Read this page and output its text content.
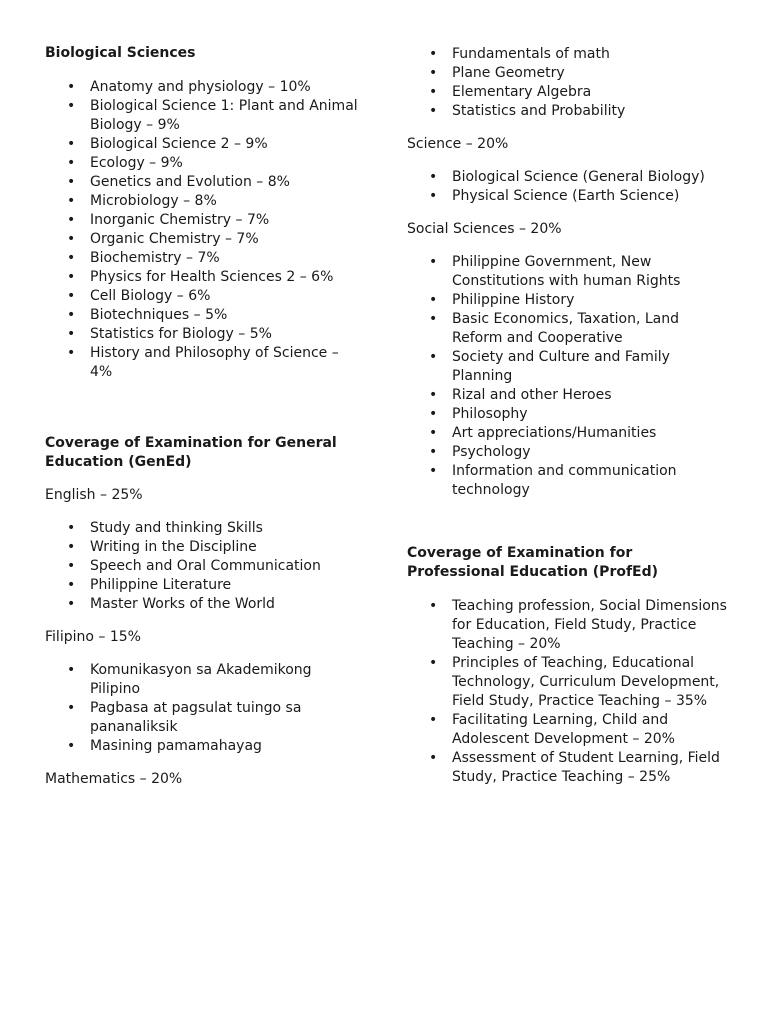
Biological Sciences

• Anatomy and physiology – 10%
• Biological Science 1: Plant and Animal Biology – 9%
• Biological Science 2 – 9%
• Ecology – 9%
• Genetics and Evolution – 8%
• Microbiology – 8%
• Inorganic Chemistry – 7%
• Organic Chemistry – 7%
• Biochemistry – 7%
• Physics for Health Sciences 2 – 6%
• Cell Biology – 6%
• Biotechniques – 5%
• Statistics for Biology – 5%
• History and Philosophy of Science – 4%

Coverage of Examination for General Education (GenEd)

English – 25%

• Study and thinking Skills
• Writing in the Discipline
• Speech and Oral Communication
• Philippine Literature
• Master Works of the World

Filipino – 15%

• Komunikasyon sa Akademikong Pilipino
• Pagbasa at pagsulat tuingo sa pananaliksik
• Masining pamamahayag

Mathematics – 20%

• Fundamentals of math
• Plane Geometry
• Elementary Algebra
• Statistics and Probability

Science – 20%

• Biological Science (General Biology)
• Physical Science (Earth Science)

Social Sciences – 20%

• Philippine Government, New Constitutions with human Rights
• Philippine History
• Basic Economics, Taxation, Land Reform and Cooperative
• Society and Culture and Family Planning
• Rizal and other Heroes
• Philosophy
• Art appreciations/Humanities
• Psychology
• Information and communication technology

Coverage of Examination for Professional Education (ProfEd)

• Teaching profession, Social Dimensions for Education, Field Study, Practice Teaching – 20%
• Principles of Teaching, Educational Technology, Curriculum Development, Field Study, Practice Teaching – 35%
• Facilitating Learning, Child and Adolescent Development – 20%
• Assessment of Student Learning, Field Study, Practice Teaching – 25%
